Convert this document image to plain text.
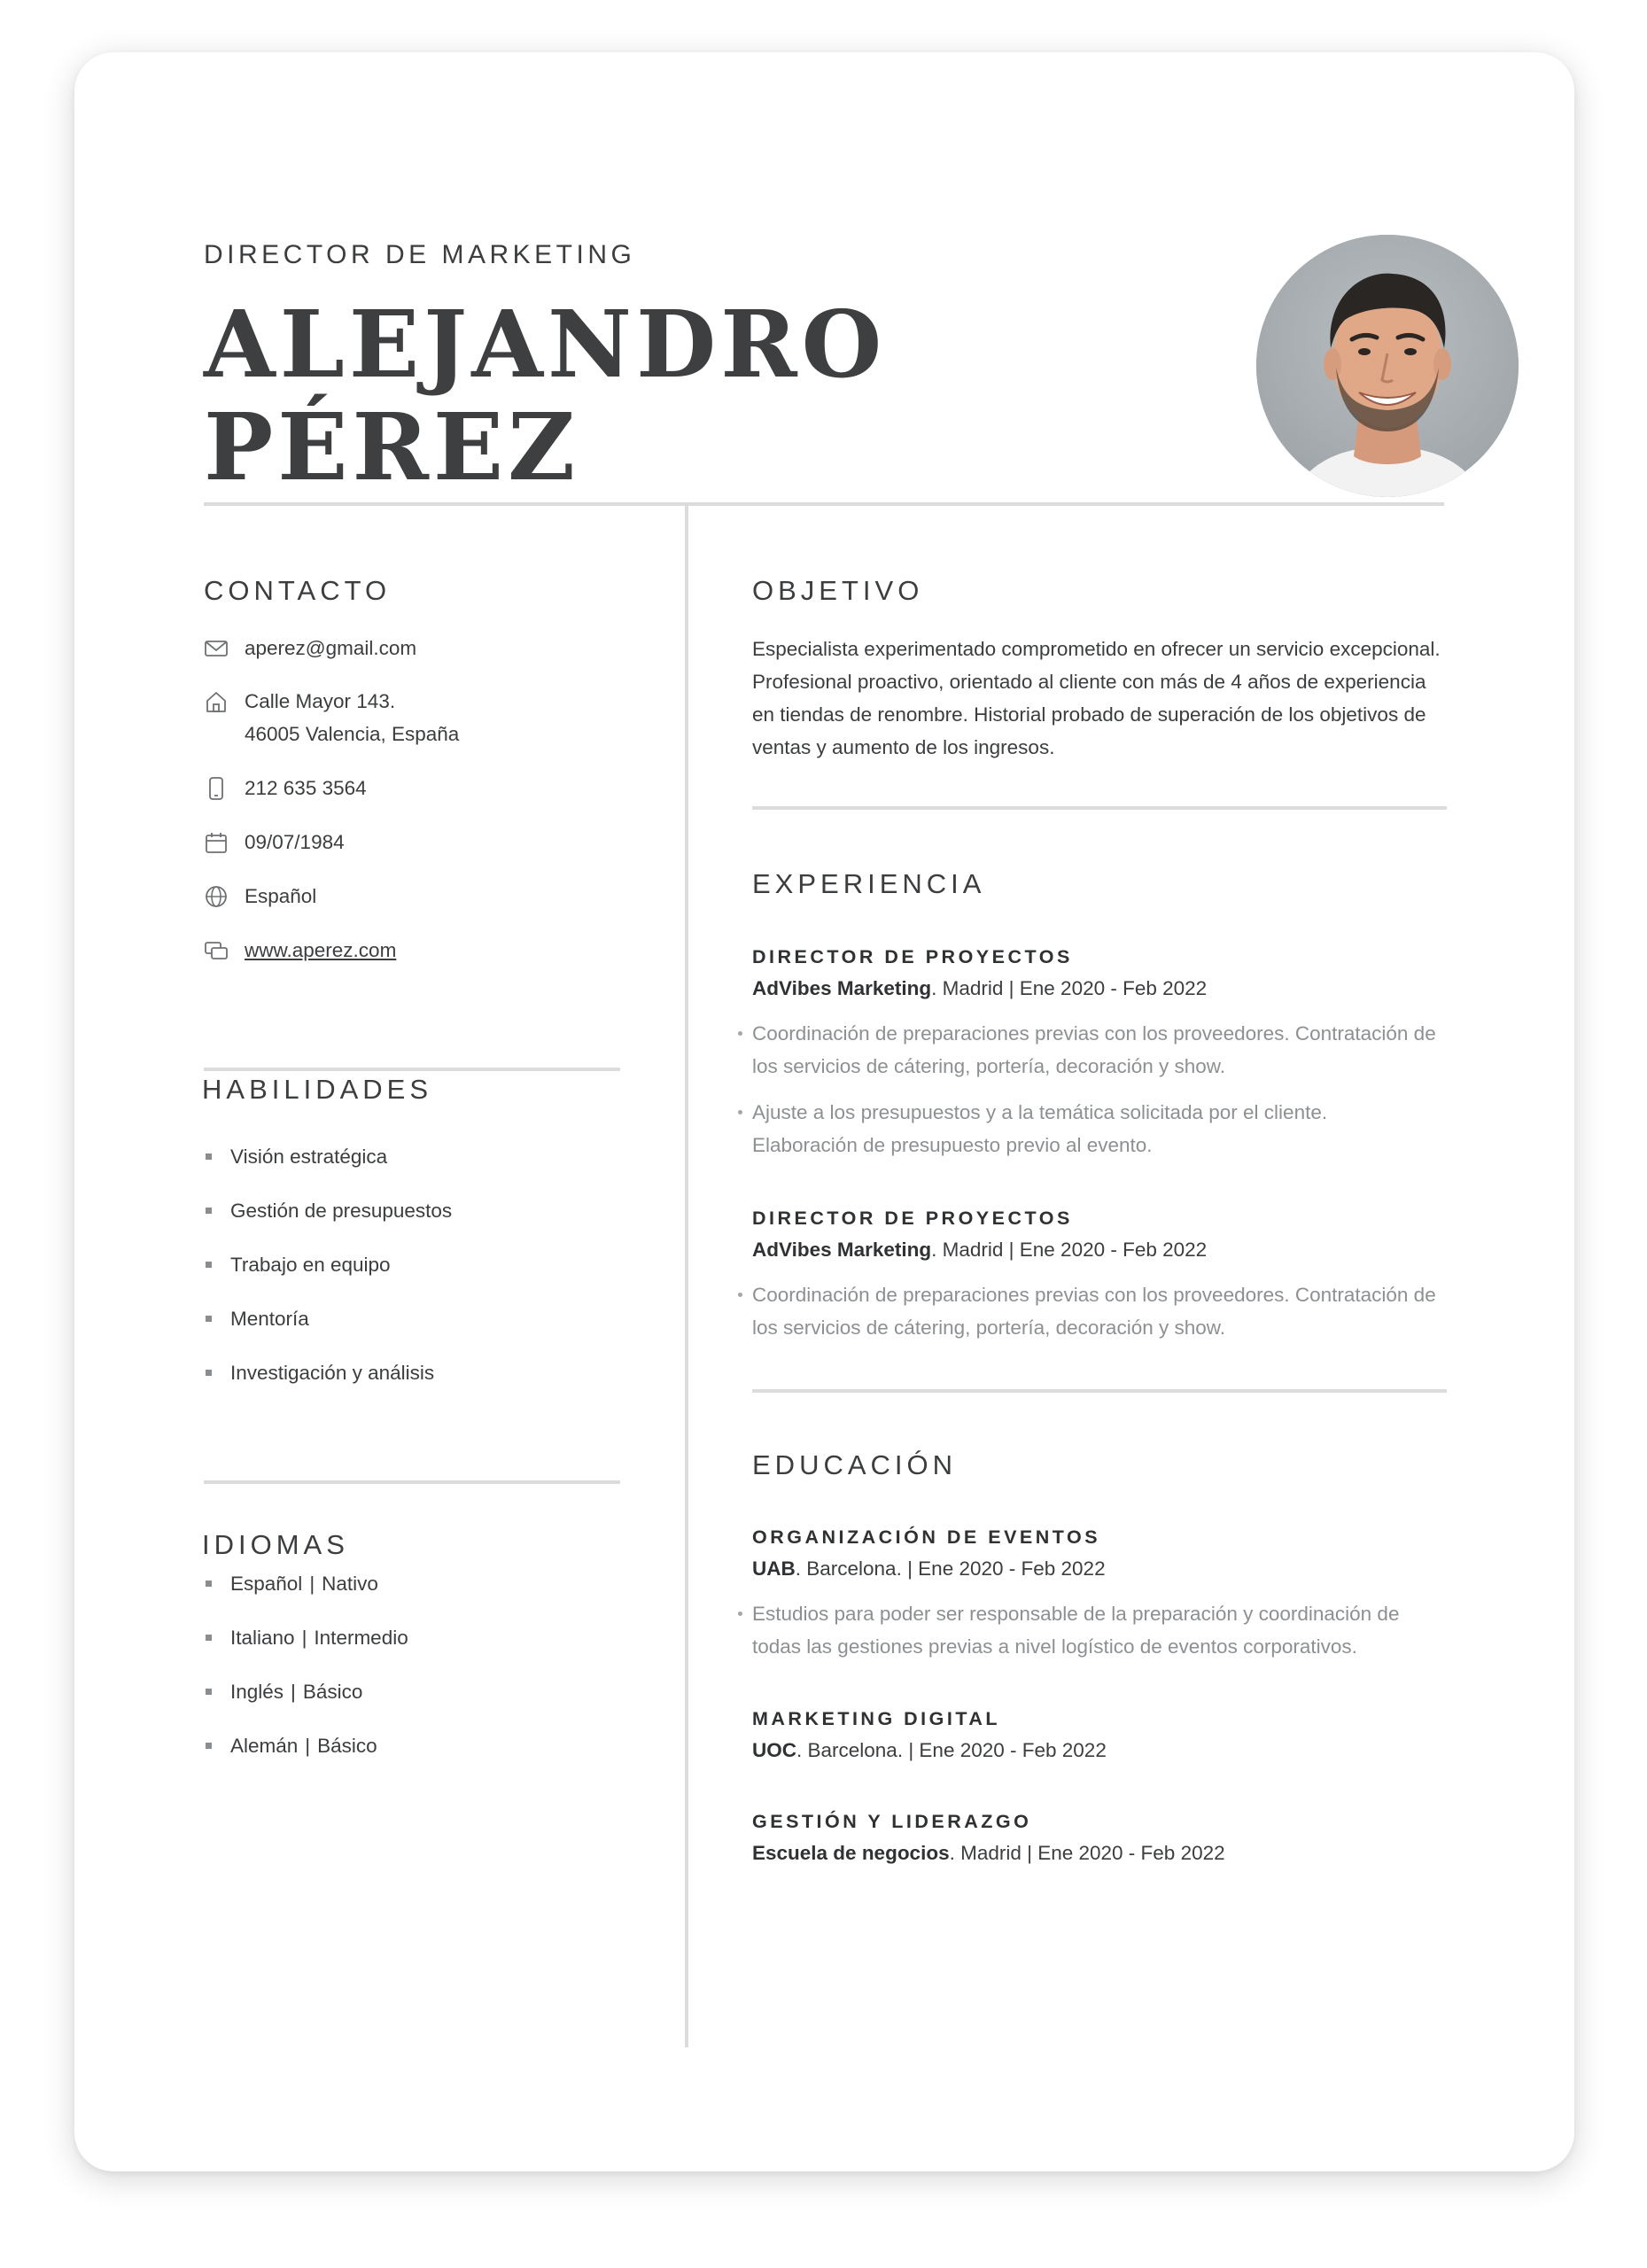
DIRECTOR DE MARKETING
ALEJANDRO
PÉREZ
CONTACTO
aperez@gmail.com
Calle Mayor 143.
46005 Valencia, España
212 635 3564
09/07/1984
Español
www.aperez.com
HABILIDADES
Visión estratégica
Gestión de presupuestos
Trabajo en equipo
Mentoría
Investigación y análisis
IDIOMAS
Español | Nativo
Italiano | Intermedio
Inglés | Básico
Alemán | Básico
OBJETIVO
Especialista experimentado comprometido en ofrecer un servicio excepcional.
Profesional proactivo, orientado al cliente con más de 4 años de experiencia
en tiendas de renombre. Historial probado de superación de los objetivos de
ventas y aumento de los ingresos.
EXPERIENCIA
DIRECTOR DE PROYECTOS
AdVibes Marketing. Madrid | Ene 2020 - Feb 2022
Coordinación de preparaciones previas con los proveedores. Contratación de
los servicios de cátering, portería, decoración y show.
Ajuste a los presupuestos y a la temática solicitada por el cliente.
Elaboración de presupuesto previo al evento.
DIRECTOR DE PROYECTOS
AdVibes Marketing. Madrid | Ene 2020 - Feb 2022
Coordinación de preparaciones previas con los proveedores. Contratación de
los servicios de cátering, portería, decoración y show.
EDUCACIÓN
ORGANIZACIÓN DE EVENTOS
UAB. Barcelona. | Ene 2020 - Feb 2022
Estudios para poder ser responsable de la preparación y coordinación de
todas las gestiones previas a nivel logístico de eventos corporativos.
MARKETING DIGITAL
UOC. Barcelona. | Ene 2020 - Feb 2022
GESTIÓN Y LIDERAZGO
Escuela de negocios. Madrid | Ene 2020 - Feb 2022
